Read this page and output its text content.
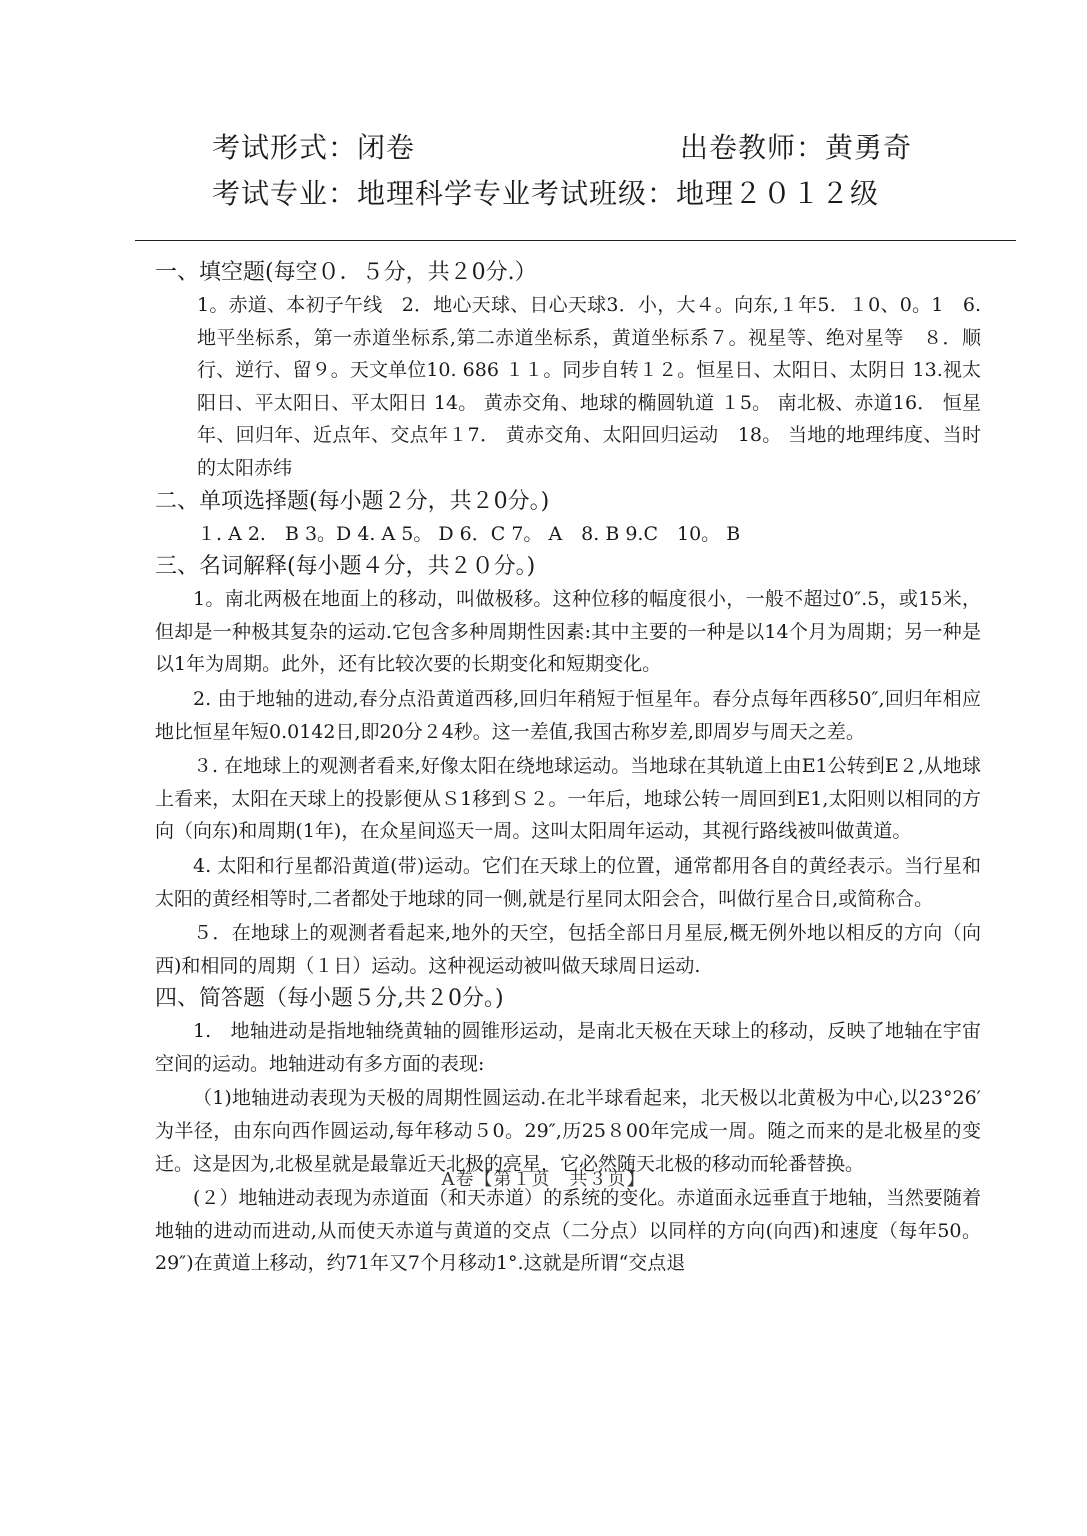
考试形式：闭卷	出卷教师：黄勇奇
考试专业：地理科学专业考试班级：地理２０１２级
一、填空题(每空０．５分，共２0分.）
1。赤道、本初子午线　2．地心天球、日心天球3．小，大４。向东,１年5．１0、0。1　6. 地平坐标系，第一赤道坐标系,第二赤道坐标系，黄道坐标系７。视星等、绝对星等　８．顺行、逆行、留９。天文单位10. 686 １１。同步自转１２。恒星日、太阳日、太阴日 13.视太阳日、平太阳日、平太阳日 14。 黄赤交角、地球的椭圆轨道 １5。 南北极、赤道16． 恒星年、回归年、近点年、交点年１7． 黄赤交角、太阳回归运动　18。 当地的地理纬度、当时的太阳赤纬
二、单项选择题(每小题２分，共２0分。)
１. A 2.　B 3。D 4. A 5。 D 6．C 7。 A　8. B 9.C　10。 B
三、名词解释(每小题４分，共２０分。)

1。南北两极在地面上的移动，叫做极移。这种位移的幅度很小，一般不超过0″.5，或15米，但却是一种极其复杂的运动.它包含多种周期性因素:其中主要的一种是以14个月为周期；另一种是以1年为周期。此外，还有比较次要的长期变化和短期变化。

2. 由于地轴的进动,春分点沿黄道西移,回归年稍短于恒星年。春分点每年西移50″,回归年相应地比恒星年短0.0142日,即20分２4秒。这一差值,我国古称岁差,即周岁与周天之差。

３. 在地球上的观测者看来,好像太阳在绕地球运动。当地球在其轨道上由E1公转到E２,从地球上看来，太阳在天球上的投影便从Ｓ1移到Ｓ２。一年后，地球公转一周回到E1,太阳则以相同的方向（向东)和周期(1年)，在众星间巡天一周。这叫太阳周年运动，其视行路线被叫做黄道。

4. 太阳和行星都沿黄道(带)运动。它们在天球上的位置，通常都用各自的黄经表示。当行星和太阳的黄经相等时,二者都处于地球的同一侧,就是行星同太阳会合，叫做行星合日,或简称合。

５．在地球上的观测者看起来,地外的天空，包括全部日月星辰,概无例外地以相反的方向（向西)和相同的周期（１日）运动。这种视运动被叫做天球周日运动.

四、简答题（每小题５分,共２0分。)

1.　地轴进动是指地轴绕黄轴的圆锥形运动，是南北天极在天球上的移动，反映了地轴在宇宙空间的运动。地轴进动有多方面的表现:

（1)地轴进动表现为天极的周期性圆运动.在北半球看起来，北天极以北黄极为中心,以23°26′为半径，由东向西作圆运动,每年移动５0。29″,历25８00年完成一周。随之而来的是北极星的变迁。这是因为,北极星就是最靠近天北极的亮星，它必然随天北极的移动而轮番替换。

(２）地轴进动表现为赤道面（和天赤道）的系统的变化。赤道面永远垂直于地轴，当然要随着地轴的进动而进动,从而使天赤道与黄道的交点（二分点）以同样的方向(向西)和速度（每年50。29″)在黄道上移动，约71年又7个月移动1°.这就是所谓“交点退

A卷【第１页　共３页】
